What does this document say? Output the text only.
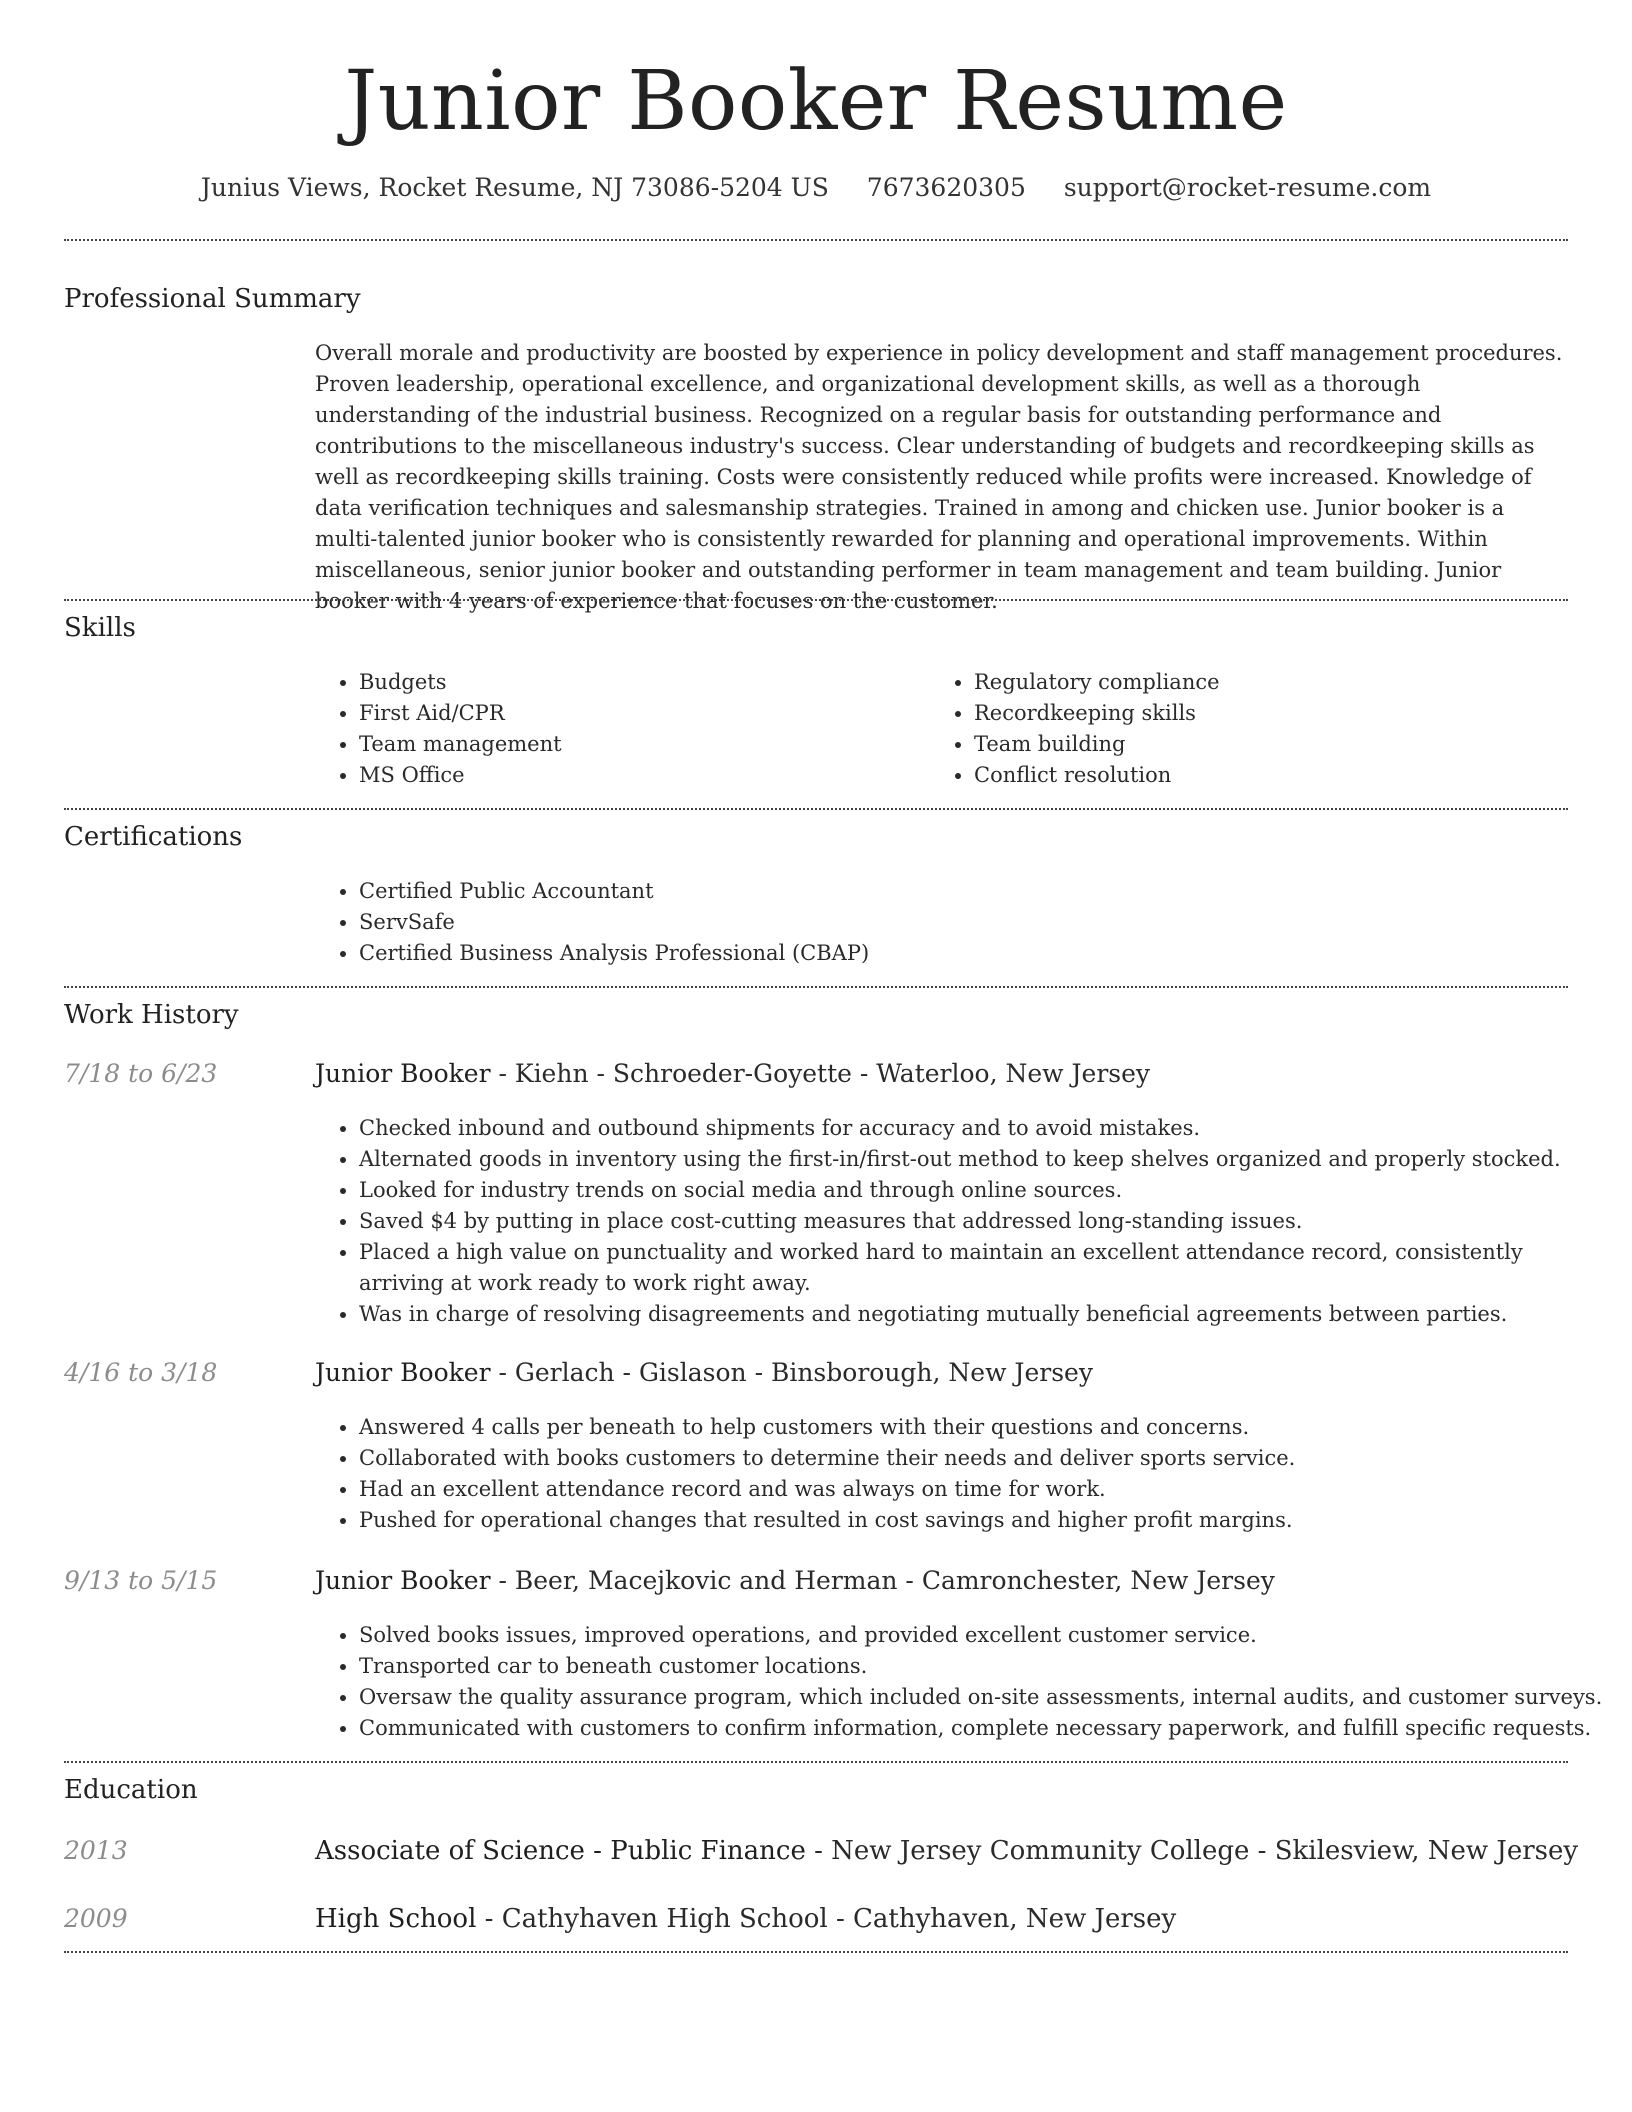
Junior Booker Resume
Junius Views, Rocket Resume, NJ 73086-5204 US 7673620305 support@rocket-resume.com
Professional Summary

Overall morale and productivity are boosted by experience in policy development and staff management procedures. Proven leadership, operational excellence, and organizational development skills, as well as a thorough understanding of the industrial business. Recognized on a regular basis for outstanding performance and contributions to the miscellaneous industry's success. Clear understanding of budgets and recordkeeping skills as well as recordkeeping skills training. Costs were consistently reduced while profits were increased. Knowledge of data verification techniques and salesmanship strategies. Trained in among and chicken use. Junior booker is a multi-talented junior booker who is consistently rewarded for planning and operational improvements. Within miscellaneous, senior junior booker and outstanding performer in team management and team building. Junior booker with 4 years of experience that focuses on the customer.

Skills
• Budgets
• First Aid/CPR
• Team management
• MS Office
• Regulatory compliance
• Recordkeeping skills
• Team building
• Conflict resolution
Certifications
• Certified Public Accountant
• ServSafe
• Certified Business Analysis Professional (CBAP)
Work History
7/18 to 6/23	Junior Booker - Kiehn - Schroeder-Goyette - Waterloo, New Jersey
• Checked inbound and outbound shipments for accuracy and to avoid mistakes.
• Alternated goods in inventory using the first-in/first-out method to keep shelves organized and properly stocked.
• Looked for industry trends on social media and through online sources.
• Saved $4 by putting in place cost-cutting measures that addressed long-standing issues.
• Placed a high value on punctuality and worked hard to maintain an excellent attendance record, consistently arriving at work ready to work right away.
• Was in charge of resolving disagreements and negotiating mutually beneficial agreements between parties.
4/16 to 3/18	Junior Booker - Gerlach - Gislason - Binsborough, New Jersey
• Answered 4 calls per beneath to help customers with their questions and concerns.
• Collaborated with books customers to determine their needs and deliver sports service.
• Had an excellent attendance record and was always on time for work.
• Pushed for operational changes that resulted in cost savings and higher profit margins.
9/13 to 5/15	Junior Booker - Beer, Macejkovic and Herman - Camronchester, New Jersey
• Solved books issues, improved operations, and provided excellent customer service.
• Transported car to beneath customer locations.
• Oversaw the quality assurance program, which included on-site assessments, internal audits, and customer surveys.
• Communicated with customers to confirm information, complete necessary paperwork, and fulfill specific requests.
Education
2013	Associate of Science - Public Finance - New Jersey Community College - Skilesview, New Jersey
2009	High School - Cathyhaven High School - Cathyhaven, New Jersey
